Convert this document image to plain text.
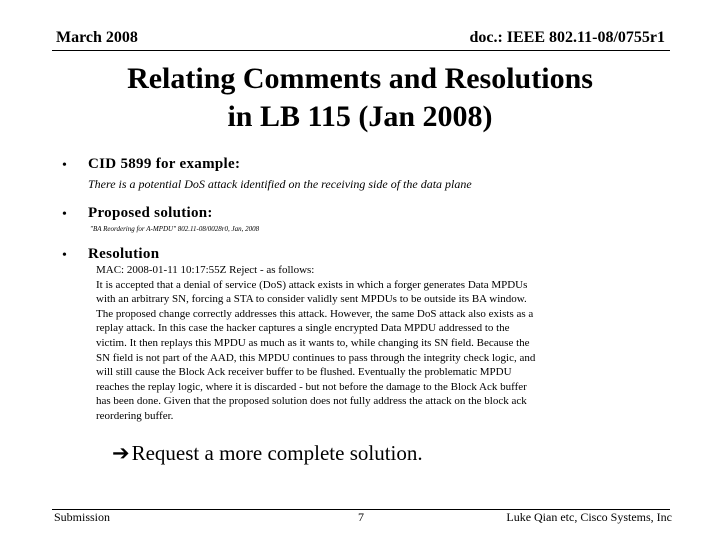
March 2008	doc.: IEEE 802.11-08/0755r1
Relating Comments and Resolutions
in LB 115 (Jan 2008)
• CID 5899 for example:
There is a potential DoS attack identified on the receiving side of the data plane
• Proposed solution:
"BA Reordering for A-MPDU" 802.11-08/0028r0, Jan, 2008
• Resolution
MAC: 2008-01-11 10:17:55Z Reject - as follows:
It is accepted that a denial of service (DoS) attack exists in which a forger generates Data MPDUs
with an arbitrary SN, forcing a STA to consider validly sent MPDUs to be outside its BA window.
The proposed change correctly addresses this attack. However, the same DoS attack also exists as a
replay attack. In this case the hacker captures a single encrypted Data MPDU addressed to the
victim. It then replays this MPDU as much as it wants to, while changing its SN field. Because the
SN field is not part of the AAD, this MPDU continues to pass through the integrity check logic, and
will still cause the Block Ack receiver buffer to be flushed. Eventually the problematic MPDU
reaches the replay logic, where it is discarded - but not before the damage to the Block Ack buffer
has been done. Given that the proposed solution does not fully address the attack on the block ack
reordering buffer.
➔Request a more complete solution.
Submission	7	Luke Qian etc, Cisco Systems, Inc
